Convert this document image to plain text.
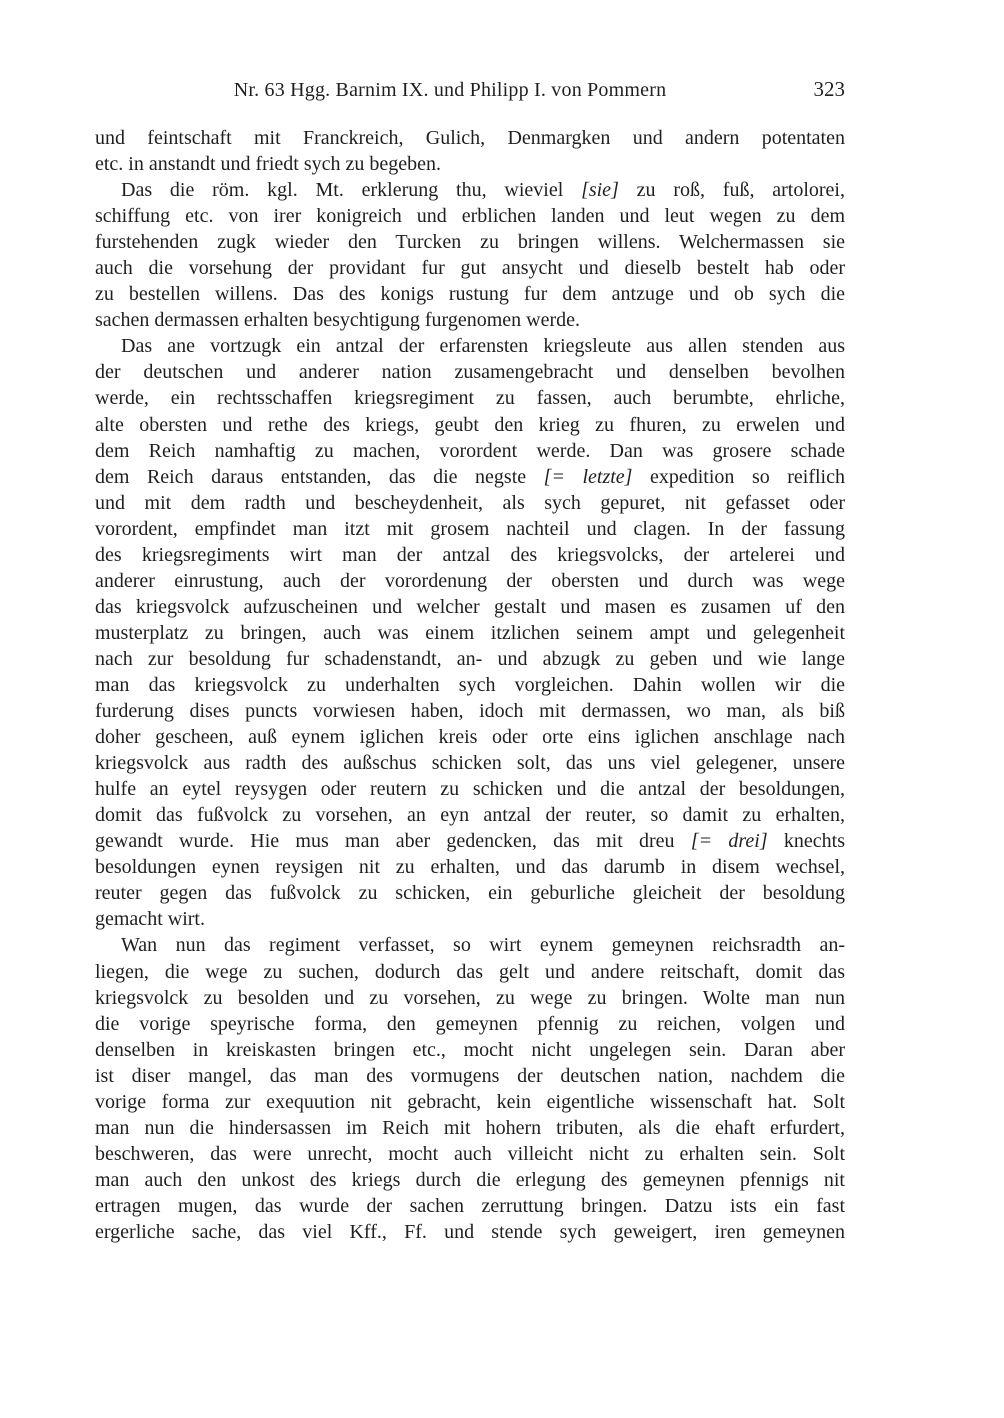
Nr. 63 Hgg. Barnim IX. und Philipp I. von Pommern	323
und feintschaft mit Franckreich, Gulich, Denmargken und andern potentaten
etc. in anstandt und friedt sych zu begeben.
Das die röm. kgl. Mt. erklerung thu, wieviel [sie] zu roß, fuß, artolorei,
schiffung etc. von irer konigreich und erblichen landen und leut wegen zu dem
furstehenden zugk wieder den Turcken zu bringen willens. Welchermassen sie
auch die vorsehung der providant fur gut ansycht und dieselb bestelt hab oder
zu bestellen willens. Das des konigs rustung fur dem antzuge und ob sych die
sachen dermassen erhalten besychtigung furgenomen werde.
Das ane vortzugk ein antzal der erfarensten kriegsleute aus allen stenden aus
der deutschen und anderer nation zusamengebracht und denselben bevolhen
werde, ein rechtsschaffen kriegsregiment zu fassen, auch berumbte, ehrliche,
alte obersten und rethe des kriegs, geubt den krieg zu fhuren, zu erwelen und
dem Reich namhaftig zu machen, vorordent werde. Dan was grosere schade
dem Reich daraus entstanden, das die negste [= letzte] expedition so reiflich
und mit dem radth und bescheydenheit, als sych gepuret, nit gefasset oder
vorordent, empfindet man itzt mit grosem nachteil und clagen. In der fassung
des kriegsregiments wirt man der antzal des kriegsvolcks, der artelerei und
anderer einrustung, auch der vorordenung der obersten und durch was wege
das kriegsvolck aufzuscheinen und welcher gestalt und masen es zusamen uf den
musterplatz zu bringen, auch was einem itzlichen seinem ampt und gelegenheit
nach zur besoldung fur schadenstandt, an- und abzugk zu geben und wie lange
man das kriegsvolck zu underhalten sych vorgleichen. Dahin wollen wir die
furderung dises puncts vorwiesen haben, idoch mit dermassen, wo man, als biß
doher gescheen, auß eynem iglichen kreis oder orte eins iglichen anschlage nach
kriegsvolck aus radth des außschus schicken solt, das uns viel gelegener, unsere
hulfe an eytel reysygen oder reutern zu schicken und die antzal der besoldungen,
domit das fußvolck zu vorsehen, an eyn antzal der reuter, so damit zu erhalten,
gewandt wurde. Hie mus man aber gedencken, das mit dreu [= drei] knechts
besoldungen eynen reysigen nit zu erhalten, und das darumb in disem wechsel,
reuter gegen das fußvolck zu schicken, ein geburliche gleicheit der besoldung
gemacht wirt.
Wan nun das regiment verfasset, so wirt eynem gemeynen reichsradth an-
liegen, die wege zu suchen, dodurch das gelt und andere reitschaft, domit das
kriegsvolck zu besolden und zu vorsehen, zu wege zu bringen. Wolte man nun
die vorige speyrische forma, den gemeynen pfennig zu reichen, volgen und
denselben in kreiskasten bringen etc., mocht nicht ungelegen sein. Daran aber
ist diser mangel, das man des vormugens der deutschen nation, nachdem die
vorige forma zur exequution nit gebracht, kein eigentliche wissenschaft hat. Solt
man nun die hindersassen im Reich mit hohern tributen, als die ehaft erfurdert,
beschweren, das were unrecht, mocht auch villeicht nicht zu erhalten sein. Solt
man auch den unkost des kriegs durch die erlegung des gemeynen pfennigs nit
ertragen mugen, das wurde der sachen zerruttung bringen. Datzu ists ein fast
ergerliche sache, das viel Kff., Ff. und stende sych geweigert, iren gemeynen
